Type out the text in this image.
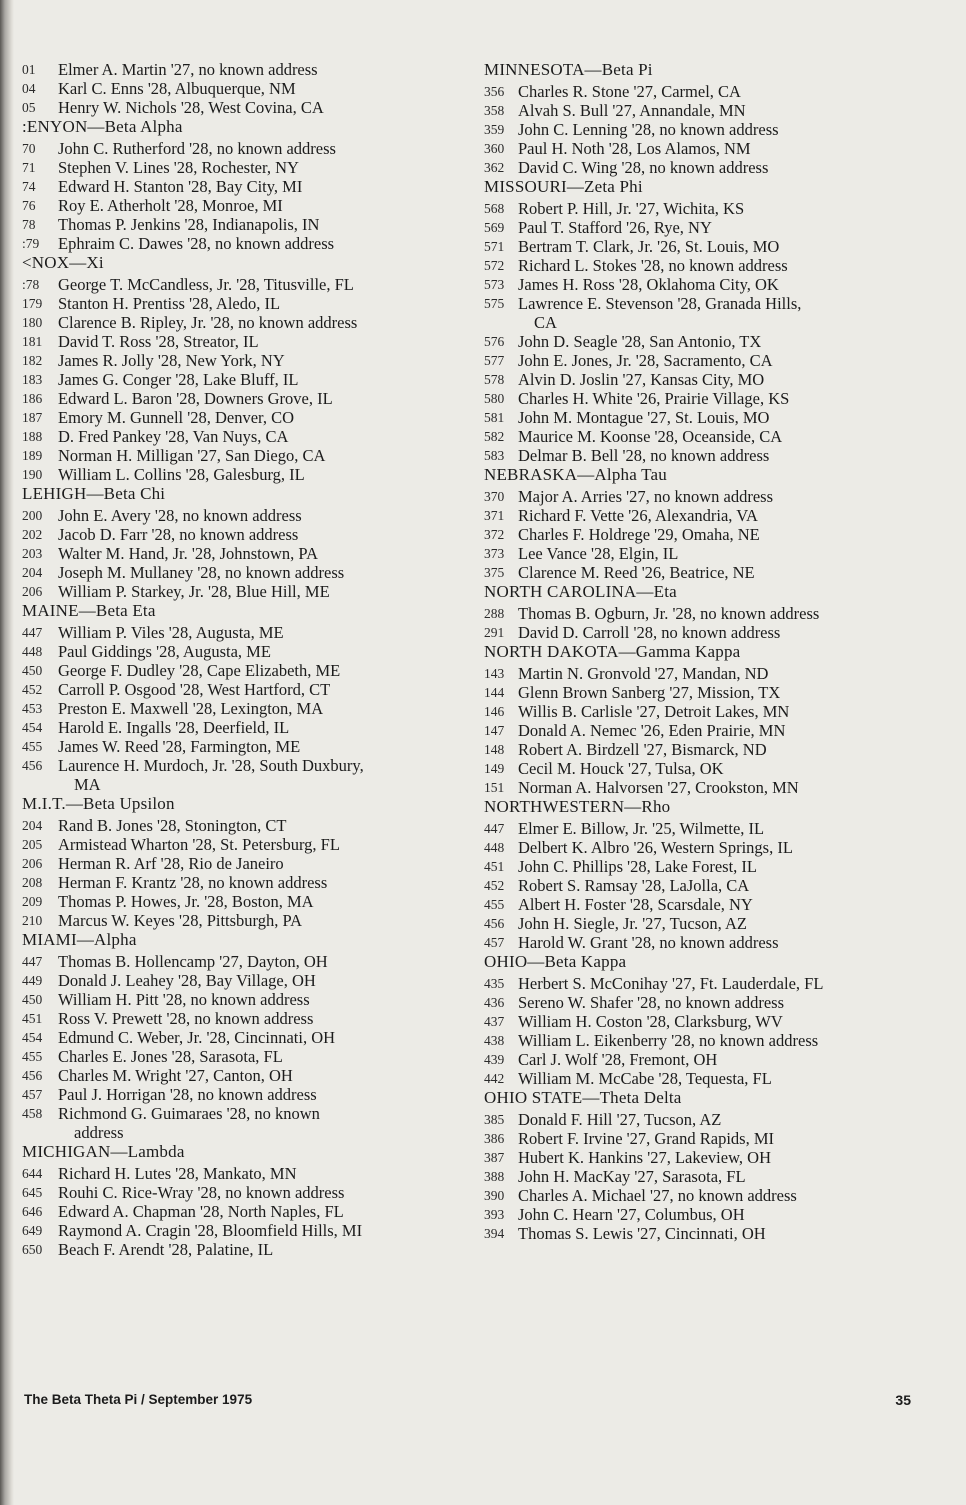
01	Elmer A. Martin '27, no known address
04	Karl C. Enns '28, Albuquerque, NM
05	Henry W. Nichols '28, West Covina, CA
:ENYON—Beta Alpha
70	John C. Rutherford '28, no known address
71	Stephen V. Lines '28, Rochester, NY
74	Edward H. Stanton '28, Bay City, MI
76	Roy E. Atherholt '28, Monroe, MI
78	Thomas P. Jenkins '28, Indianapolis, IN
:79	Ephraim C. Dawes '28, no known address
<NOX—Xi
:78	George T. McCandless, Jr. '28, Titusville, FL
179 Stanton H. Prentiss '28, Aledo, IL
180 Clarence B. Ripley, Jr. '28, no known address
181 David T. Ross '28, Streator, IL
182 James R. Jolly '28, New York, NY
183 James G. Conger '28, Lake Bluff, IL
186 Edward L. Baron '28, Downers Grove, IL
187 Emory M. Gunnell '28, Denver, CO
188 D. Fred Pankey '28, Van Nuys, CA
189 Norman H. Milligan '27, San Diego, CA
190 William L. Collins '28, Galesburg, IL
LEHIGH—Beta Chi
200 John E. Avery '28, no known address
202 Jacob D. Farr '28, no known address
203 Walter M. Hand, Jr. '28, Johnstown, PA
204 Joseph M. Mullaney '28, no known address
206 William P. Starkey, Jr. '28, Blue Hill, ME
MAINE—Beta Eta
447 William P. Viles '28, Augusta, ME
448 Paul Giddings '28, Augusta, ME
450 George F. Dudley '28, Cape Elizabeth, ME
452 Carroll P. Osgood '28, West Hartford, CT
453 Preston E. Maxwell '28, Lexington, MA
454 Harold E. Ingalls '28, Deerfield, IL
455 James W. Reed '28, Farmington, ME
456 Laurence H. Murdoch, Jr. '28, South Duxbury,
MA
M.I.T.—Beta Upsilon
204 Rand B. Jones '28, Stonington, CT
205 Armistead Wharton '28, St. Petersburg, FL
206 Herman R. Arf '28, Rio de Janeiro
208 Herman F. Krantz '28, no known address
209 Thomas P. Howes, Jr. '28, Boston, MA
210 Marcus W. Keyes '28, Pittsburgh, PA
MIAMI—Alpha
447 Thomas B. Hollencamp '27, Dayton, OH
449 Donald J. Leahey '28, Bay Village, OH
450 William H. Pitt '28, no known address
451 Ross V. Prewett '28, no known address
454 Edmund C. Weber, Jr. '28, Cincinnati, OH
455 Charles E. Jones '28, Sarasota, FL
456 Charles M. Wright '27, Canton, OH
457 Paul J. Horrigan '28, no known address
458 Richmond G. Guimaraes '28, no known
address
MICHIGAN—Lambda
644 Richard H. Lutes '28, Mankato, MN
645 Rouhi C. Rice-Wray '28, no known address
646 Edward A. Chapman '28, North Naples, FL
649 Raymond A. Cragin '28, Bloomfield Hills, MI
650 Beach F. Arendt '28, Palatine, IL
MINNESOTA—Beta Pi
356 Charles R. Stone '27, Carmel, CA
358 Alvah S. Bull '27, Annandale, MN
359 John C. Lenning '28, no known address
360 Paul H. Noth '28, Los Alamos, NM
362 David C. Wing '28, no known address
MISSOURI—Zeta Phi
568 Robert P. Hill, Jr. '27, Wichita, KS
569 Paul T. Stafford '26, Rye, NY
571 Bertram T. Clark, Jr. '26, St. Louis, MO
572 Richard L. Stokes '28, no known address
573 James H. Ross '28, Oklahoma City, OK
575 Lawrence E. Stevenson '28, Granada Hills,
CA
576 John D. Seagle '28, San Antonio, TX
577 John E. Jones, Jr. '28, Sacramento, CA
578 Alvin D. Joslin '27, Kansas City, MO
580 Charles H. White '26, Prairie Village, KS
581 John M. Montague '27, St. Louis, MO
582 Maurice M. Koonse '28, Oceanside, CA
583 Delmar B. Bell '28, no known address
NEBRASKA—Alpha Tau
370 Major A. Arries '27, no known address
371 Richard F. Vette '26, Alexandria, VA
372 Charles F. Holdrege '29, Omaha, NE
373 Lee Vance '28, Elgin, IL
375 Clarence M. Reed '26, Beatrice, NE
NORTH CAROLINA—Eta
288 Thomas B. Ogburn, Jr. '28, no known address
291 David D. Carroll '28, no known address
NORTH DAKOTA—Gamma Kappa
143 Martin N. Gronvold '27, Mandan, ND
144 Glenn Brown Sanberg '27, Mission, TX
146 Willis B. Carlisle '27, Detroit Lakes, MN
147 Donald A. Nemec '26, Eden Prairie, MN
148 Robert A. Birdzell '27, Bismarck, ND
149 Cecil M. Houck '27, Tulsa, OK
151 Norman A. Halvorsen '27, Crookston, MN
NORTHWESTERN—Rho
447 Elmer E. Billow, Jr. '25, Wilmette, IL
448 Delbert K. Albro '26, Western Springs, IL
451 John C. Phillips '28, Lake Forest, IL
452 Robert S. Ramsay '28, LaJolla, CA
455 Albert H. Foster '28, Scarsdale, NY
456 John H. Siegle, Jr. '27, Tucson, AZ
457 Harold W. Grant '28, no known address
OHIO—Beta Kappa
435 Herbert S. McConihay '27, Ft. Lauderdale, FL
436 Sereno W. Shafer '28, no known address
437 William H. Coston '28, Clarksburg, WV
438 William L. Eikenberry '28, no known address
439 Carl J. Wolf '28, Fremont, OH
442 William M. McCabe '28, Tequesta, FL
OHIO STATE—Theta Delta
385 Donald F. Hill '27, Tucson, AZ
386 Robert F. Irvine '27, Grand Rapids, MI
387 Hubert K. Hankins '27, Lakeview, OH
388 John H. MacKay '27, Sarasota, FL
390 Charles A. Michael '27, no known address
393 John C. Hearn '27, Columbus, OH
394 Thomas S. Lewis '27, Cincinnati, OH
The Beta Theta Pi / September 1975	35
